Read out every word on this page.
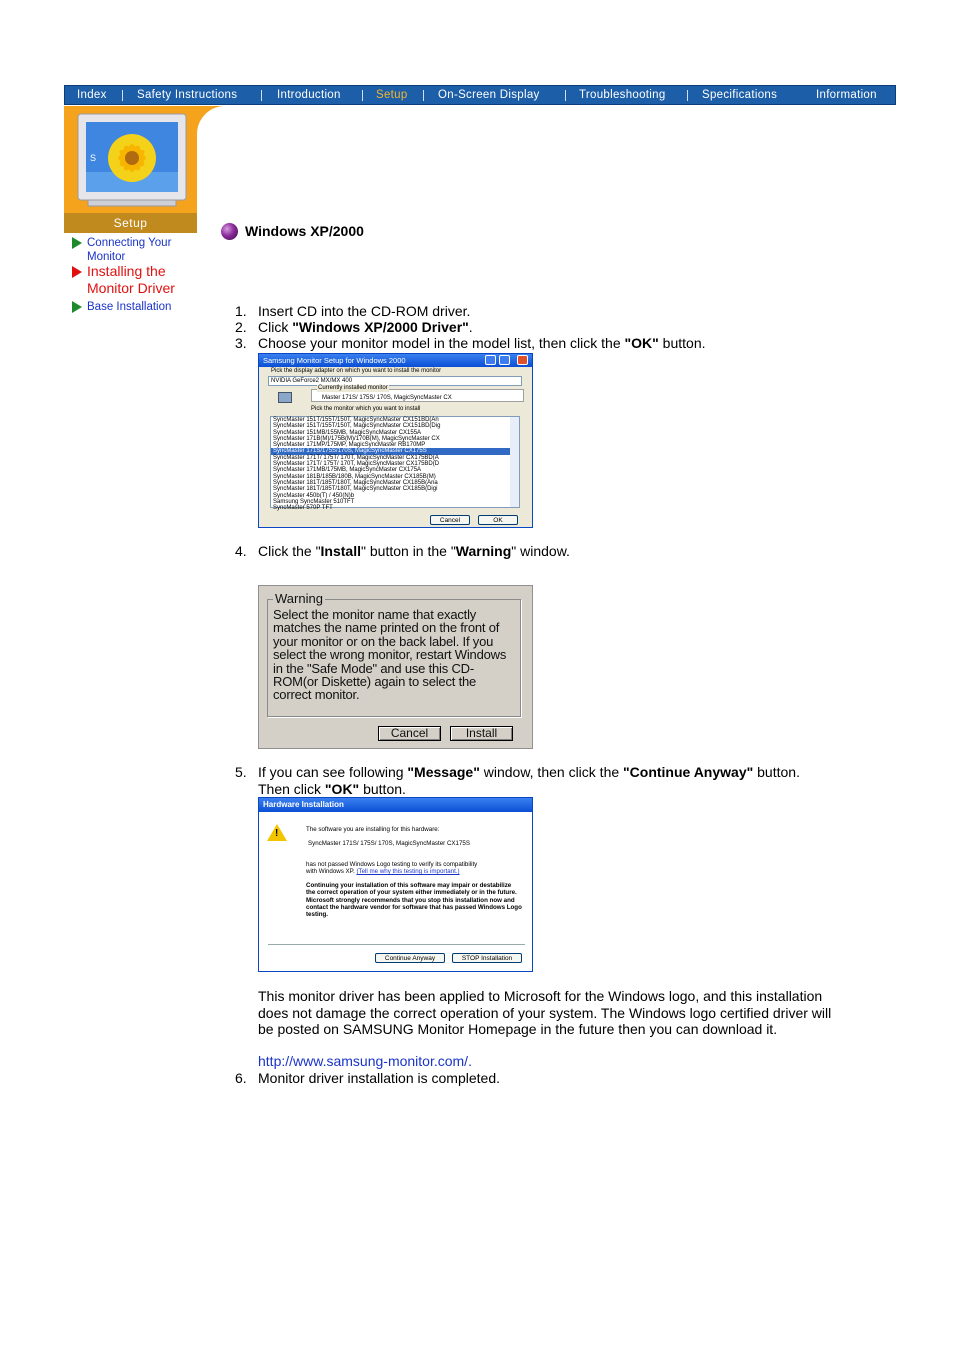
Index	Safety Instructions	Introduction	Setup	On-Screen Display	Troubleshooting	Specifications	Information
S
Setup
Connecting Your Monitor
Installing the Monitor Driver
Base Installation
Windows XP/2000
1. Insert CD into the CD-ROM driver.
2. Click "Windows XP/2000 Driver".
3. Choose your monitor model in the model list, then click the "OK" button.
Samsung Monitor Setup for Windows 2000
Pick the display adapter on which you want to install the monitor
NVIDIA GeForce2 MX/MX 400
Master 171S/ 175S/ 170S, MagicSyncMaster CX
Currently installed monitor
Pick the monitor which you want to install
SyncMaster 151T/155T/150T, MagicSyncMaster CX151BD(An
SyncMaster 151T/155T/150T, MagicSyncMaster CX151BD(Dig
SyncMaster 151MB/155MB, MagicSyncMaster CX155A
SyncMaster 171B(M)/175B(M)/170B(M), MagicSyncMaster CX
SyncMaster 171MP/175MP, MagicSyncMaster RB170MP
SyncMaster 171S/175S/170S, MagicSyncMaster CX175S
SyncMaster 171T/ 175T/ 170T, MagicSyncMaster CX175BD(A
SyncMaster 171T/ 175T/ 170T, MagicSyncMaster CX175BD(D
SyncMaster 171MB/175MB, MagicSyncMaster CX175A
SyncMaster 181B/185B/180B, MagicSyncMaster CX185B(M)
SyncMaster 181T/185T/180T, MagicSyncMaster CX185B(Ana
SyncMaster 181T/185T/180T, MagicSyncMaster CX185B(Digi
SyncMaster 450b(T) / 450(N)b
Samsung SyncMaster 510TFT
SyncMaster 570P TFT
Cancel	OK
4. Click the "Install" button in the "Warning" window.
Warning
Select the monitor name that exactly matches the name printed on the front of your monitor or on the back label. If you select the wrong monitor, restart Windows in the "Safe Mode" and use this CD-ROM(or Diskette) again to select the correct monitor.
Cancel	Install
5. If you can see following "Message" window, then click the "Continue Anyway" button.
Then click "OK" button.
Hardware Installation
!	The software you are installing for this hardware:
SyncMaster 171S/ 175S/ 170S, MagicSyncMaster CX175S
has not passed Windows Logo testing to verify its compatibility
with Windows XP. (Tell me why this testing is important.)
Continuing your installation of this software may impair or destabilize the correct operation of your system either immediately or in the future. Microsoft strongly recommends that you stop this installation now and contact the hardware vendor for software that has passed Windows Logo testing.
Continue Anyway	STOP Installation
This monitor driver has been applied to Microsoft for the Windows logo, and this installation does not damage the correct operation of your system. The Windows logo certified driver will be posted on SAMSUNG Monitor Homepage in the future then you can download it.
http://www.samsung-monitor.com/.
6. Monitor driver installation is completed.
